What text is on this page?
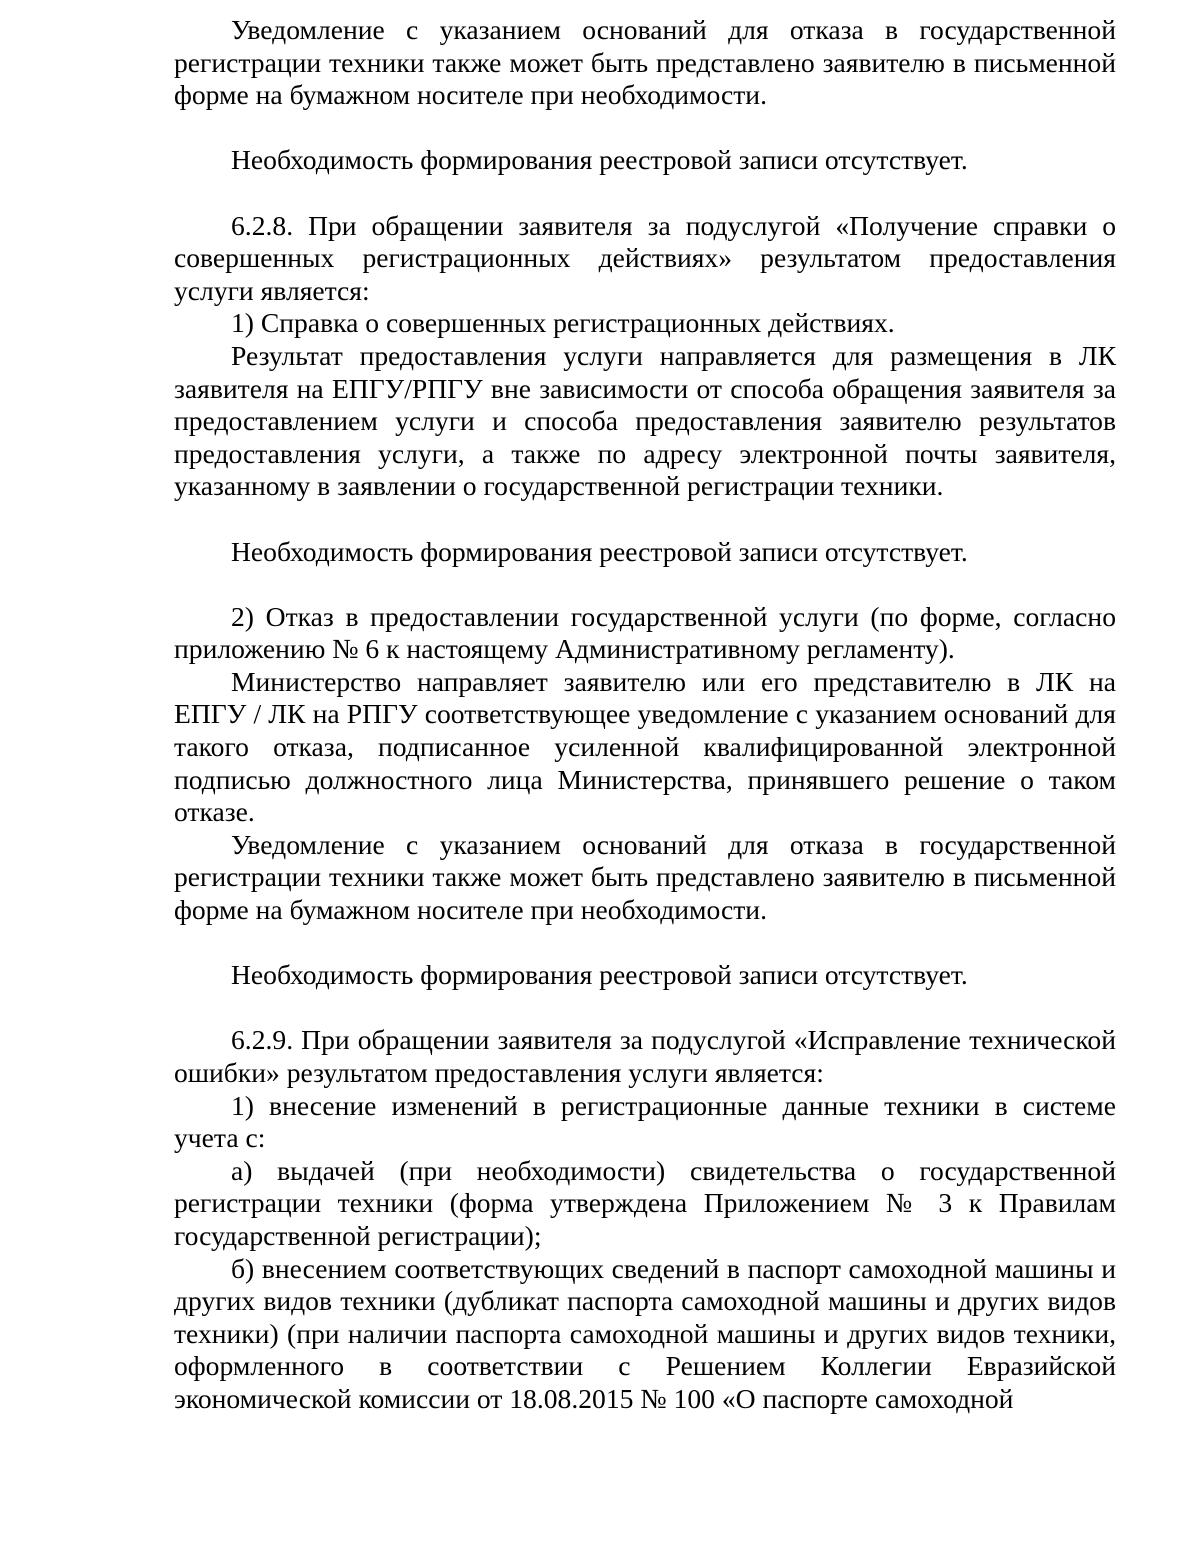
Уведомление с указанием оснований для отказа в государственной регистрации техники также может быть представлено заявителю в письменной форме на бумажном носителе при необходимости.

Необходимость формирования реестровой записи отсутствует.

6.2.8. При обращении заявителя за подуслугой «Получение справки о совершенных регистрационных действиях» результатом предоставления услуги является:

1) Справка о совершенных регистрационных действиях.

Результат предоставления услуги направляется для размещения в ЛК заявителя на ЕПГУ/РПГУ вне зависимости от способа обращения заявителя за предоставлением услуги и способа предоставления заявителю результатов предоставления услуги, а также по адресу электронной почты заявителя, указанному в заявлении о государственной регистрации техники.

Необходимость формирования реестровой записи отсутствует.

2) Отказ в предоставлении государственной услуги (по форме, согласно приложению № 6 к настоящему Административному регламенту).

Министерство направляет заявителю или его представителю в ЛК на ЕПГУ / ЛК на РПГУ соответствующее уведомление с указанием оснований для такого отказа, подписанное усиленной квалифицированной электронной подписью должностного лица Министерства, принявшего решение о таком отказе.

Уведомление с указанием оснований для отказа в государственной регистрации техники также может быть представлено заявителю в письменной форме на бумажном носителе при необходимости.

Необходимость формирования реестровой записи отсутствует.

6.2.9. При обращении заявителя за подуслугой «Исправление технической ошибки» результатом предоставления услуги является:

1) внесение изменений в регистрационные данные техники в системе учета с:

а) выдачей (при необходимости) свидетельства о государственной регистрации техники (форма утверждена Приложением № 3 к Правилам государственной регистрации);

б) внесением соответствующих сведений в паспорт самоходной машины и других видов техники (дубликат паспорта самоходной машины и других видов техники) (при наличии паспорта самоходной машины и других видов техники, оформленного в соответствии с Решением Коллегии Евразийской экономической комиссии от 18.08.2015 № 100 «О паспорте самоходной
